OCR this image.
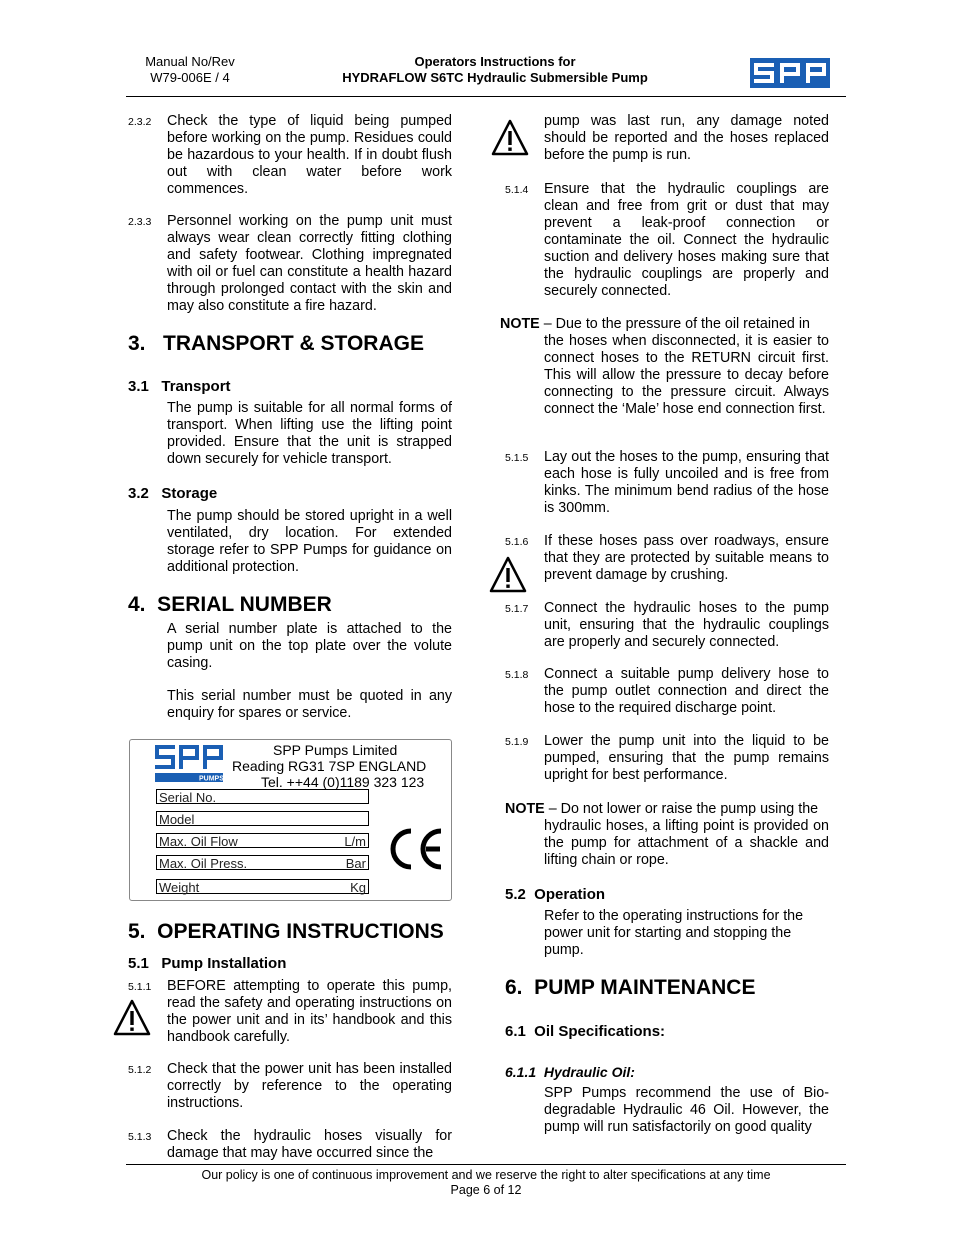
Manual No/Rev
W79-006E / 4
Operators Instructions for
HYDRAFLOW S6TC Hydraulic Submersible Pump
2.3.2 Check the type of liquid being pumped before working on the pump. Residues could be hazardous to your health. If in doubt flush out with clean water before work commences.
2.3.3 Personnel working on the pump unit must always wear clean correctly fitting clothing and safety footwear. Clothing impregnated with oil or fuel can constitute a health hazard through prolonged contact with the skin and may also constitute a fire hazard.
3.   TRANSPORT & STORAGE
3.1   Transport
The pump is suitable for all normal forms of transport. When lifting use the lifting point provided. Ensure that the unit is strapped down securely for vehicle transport.
3.2   Storage
The pump should be stored upright in a well ventilated, dry location. For extended storage refer to SPP Pumps for guidance on additional protection.
4.  SERIAL NUMBER
A serial number plate is attached to the pump unit on the top plate over the volute casing.
This serial number must be quoted in any enquiry for spares or service.
PUMPS
SPP Pumps Limited
Reading RG31 7SP ENGLAND
Tel. ++44 (0)1189 323 123
Serial No.
Model
Max. Oil Flow	L/m
Max. Oil Press.	Bar
Weight	Kg
5.  OPERATING INSTRUCTIONS
5.1   Pump Installation
5.1.1 BEFORE attempting to operate this pump, read the safety and operating instructions on the power unit and in its’ handbook and this handbook carefully.
5.1.2 Check that the power unit has been installed correctly by reference to the operating instructions.
5.1.3 Check the hydraulic hoses visually for damage that may have occurred since the
pump was last run, any damage noted should be reported and the hoses replaced before the pump is run.
5.1.4 Ensure that the hydraulic couplings are clean and free from grit or dust that may prevent a leak-proof connection or contaminate the oil. Connect the hydraulic suction and delivery hoses making sure that the hydraulic couplings are properly and securely connected.
NOTE – Due to the pressure of the oil retained in
the hoses when disconnected, it is easier to connect hoses to the RETURN circuit first. This will allow the pressure to decay before connecting to the pressure circuit. Always connect the ‘Male’ hose end connection first.
5.1.5 Lay out the hoses to the pump, ensuring that each hose is fully uncoiled and is free from kinks. The minimum bend radius of the hose is 300mm.
5.1.6 If these hoses pass over roadways, ensure that they are protected by suitable means to prevent damage by crushing.
5.1.7 Connect the hydraulic hoses to the pump unit, ensuring that the hydraulic couplings are properly and securely connected.
5.1.8 Connect a suitable pump delivery hose to the pump outlet connection and direct the hose to the required discharge point.
5.1.9 Lower the pump unit into the liquid to be pumped, ensuring that the pump remains upright for best performance.
NOTE – Do not lower or raise the pump using the
hydraulic hoses, a lifting point is provided on the pump for attachment of a shackle and lifting chain or rope.
5.2  Operation
Refer to the operating instructions for the power unit for starting and stopping the pump.
6.  PUMP MAINTENANCE
6.1  Oil Specifications:
6.1.1  Hydraulic Oil:
SPP Pumps recommend the use of Bio-degradable Hydraulic 46 Oil. However, the pump will run satisfactorily on good quality
Our policy is one of continuous improvement and we reserve the right to alter specifications at any time
Page 6 of 12
